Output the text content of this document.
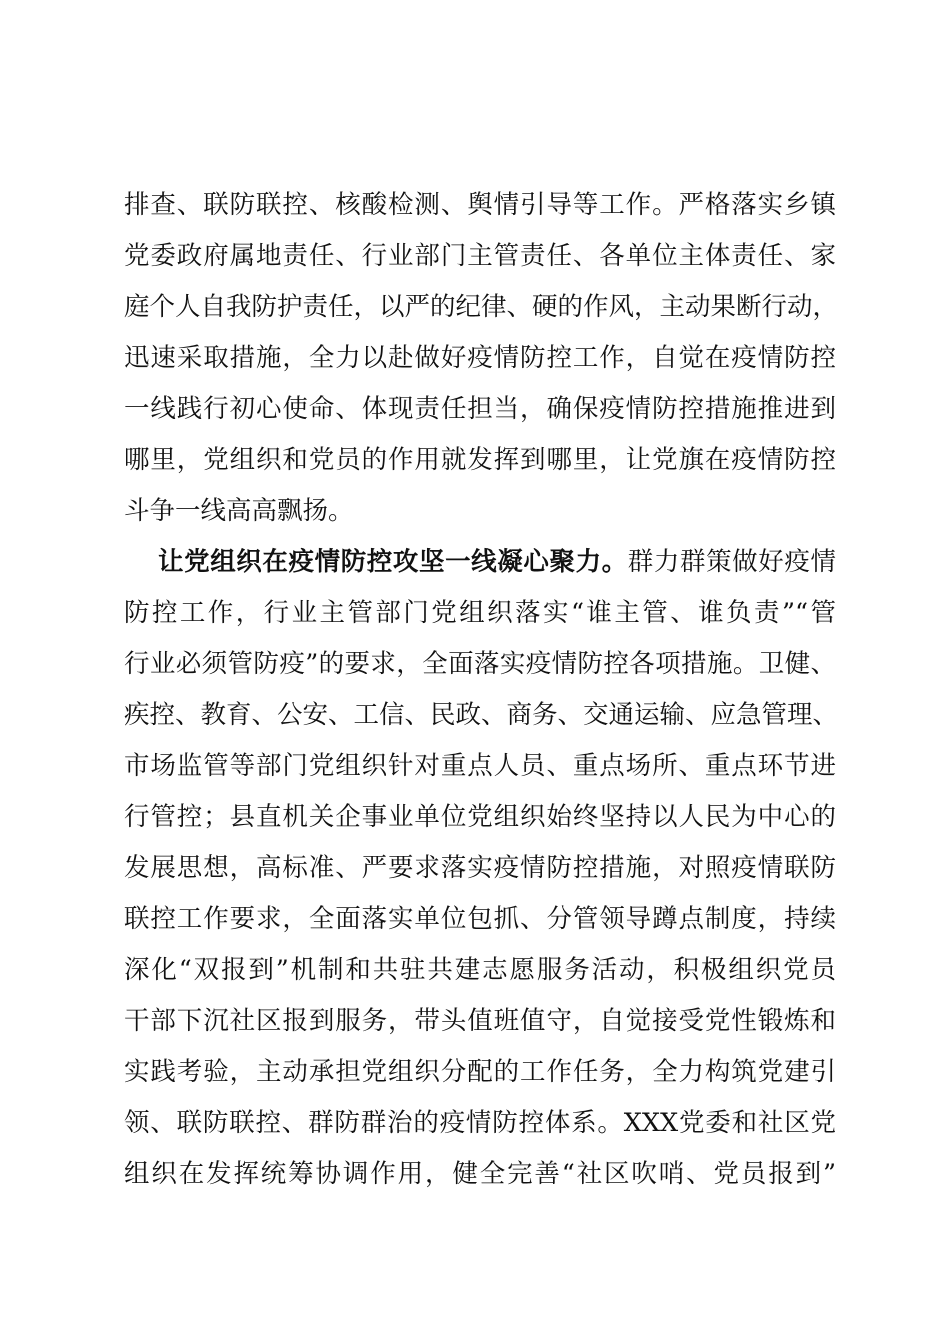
排查、联防联控、核酸检测、舆情引导等工作。严格落实乡镇
党委政府属地责任、行业部门主管责任、各单位主体责任、家
庭个人自我防护责任，以严的纪律、硬的作风，主动果断行动，
迅速采取措施，全力以赴做好疫情防控工作，自觉在疫情防控
一线践行初心使命、体现责任担当，确保疫情防控措施推进到
哪里，党组织和党员的作用就发挥到哪里，让党旗在疫情防控
斗争一线高高飘扬。
让党组织在疫情防控攻坚一线凝心聚力。群力群策做好疫情
防控工作，行业主管部门党组织落实“谁主管、谁负责”“管
行业必须管防疫”的要求，全面落实疫情防控各项措施。卫健、
疾控、教育、公安、工信、民政、商务、交通运输、应急管理、
市场监管等部门党组织针对重点人员、重点场所、重点环节进
行管控；县直机关企事业单位党组织始终坚持以人民为中心的
发展思想，高标准、严要求落实疫情防控措施，对照疫情联防
联控工作要求，全面落实单位包抓、分管领导蹲点制度，持续
深化“双报到”机制和共驻共建志愿服务活动，积极组织党员
干部下沉社区报到服务，带头值班值守，自觉接受党性锻炼和
实践考验，主动承担党组织分配的工作任务，全力构筑党建引
领、联防联控、群防群治的疫情防控体系。XXX党委和社区党
组织在发挥统筹协调作用，健全完善“社区吹哨、党员报到”
